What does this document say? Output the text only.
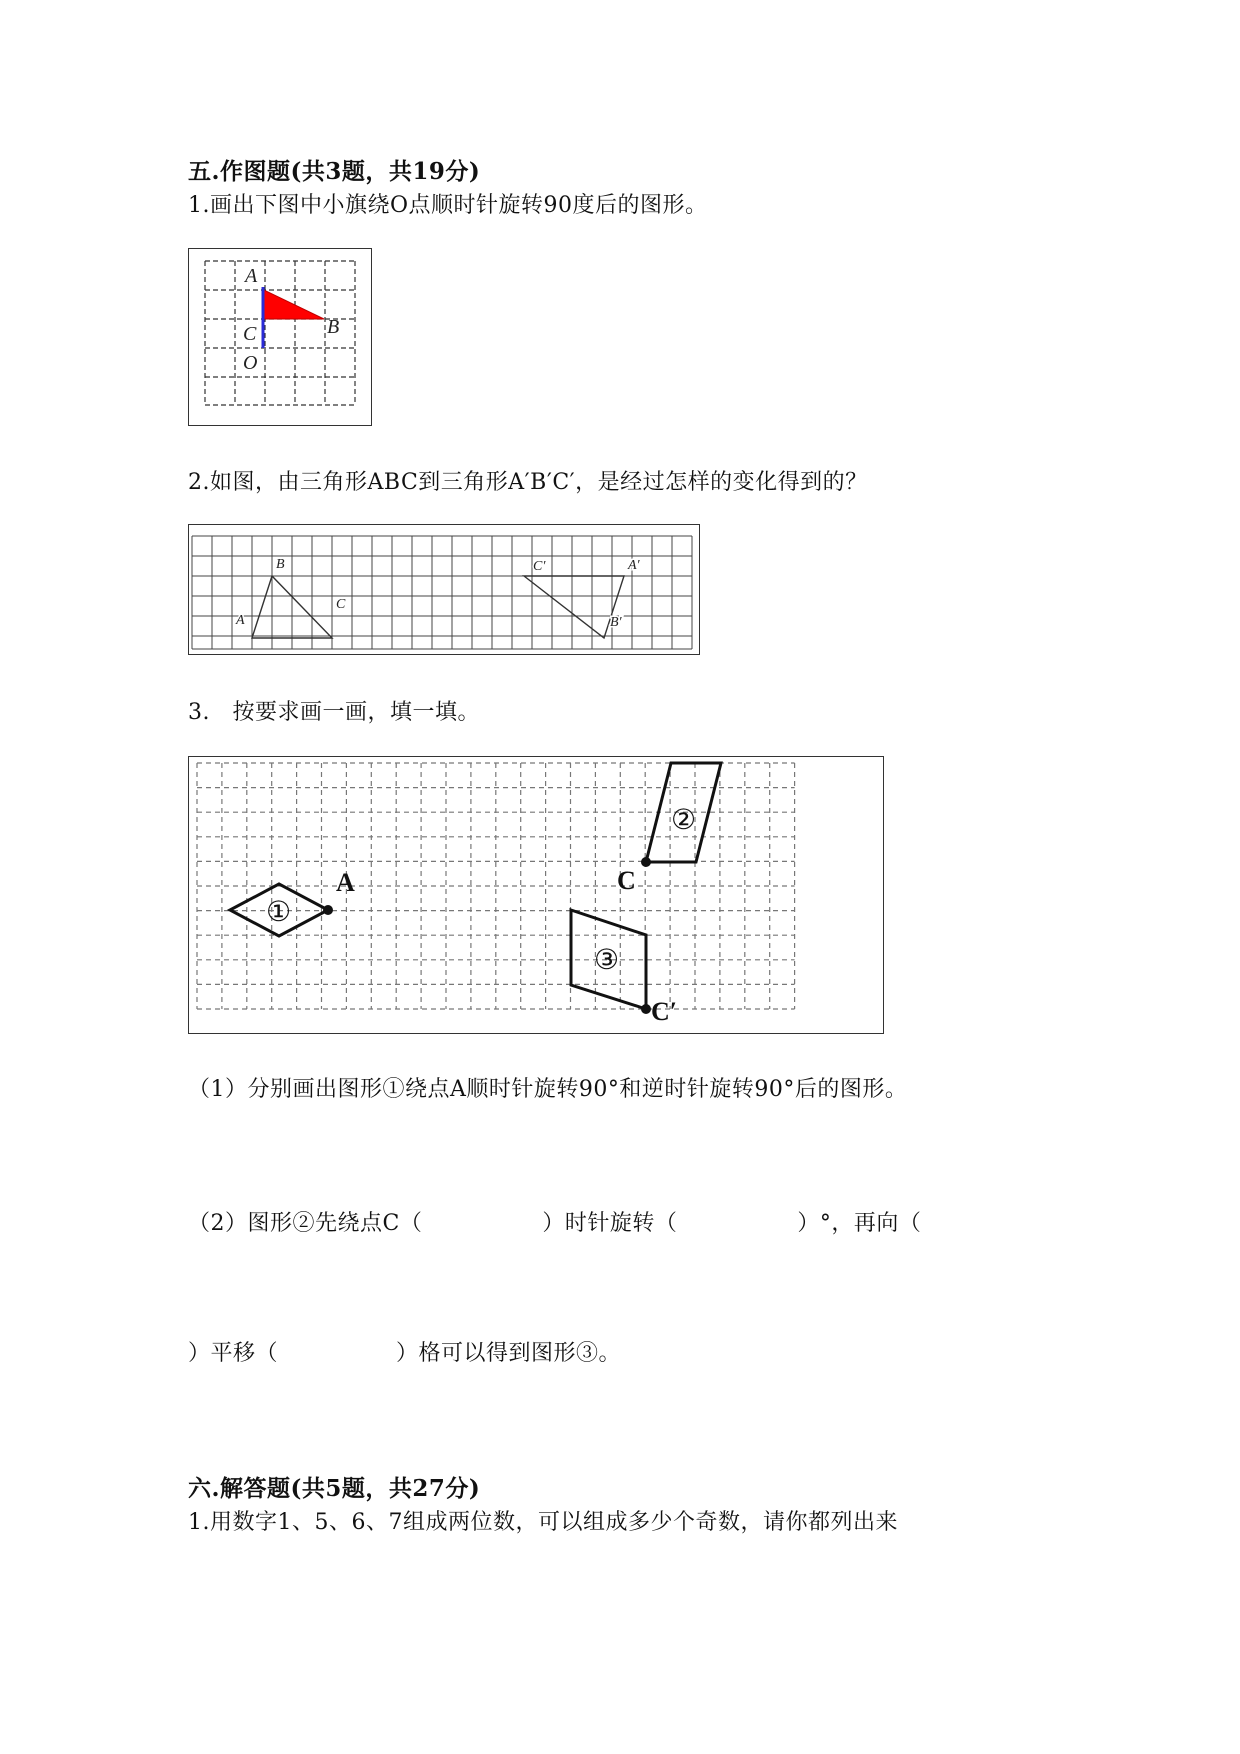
五.作图题(共3题，共19分)
1.画出下图中小旗绕O点顺时针旋转90度后的图形。
A
B
C
O
2.如图，由三角形ABC到三角形A′B′C′，是经过怎样的变化得到的？
A
B
C
A′
B′
C′
3.　按要求画一画，填一填。
A
①
②
C
③
C′
（1）分别画出图形①绕点A顺时针旋转90°和逆时针旋转90°后的图形。
（2）图形②先绕点C（	）时针旋转（	）°，再向（
）平移（	）格可以得到图形③。
六.解答题(共5题，共27分)
1.用数字1、5、6、7组成两位数，可以组成多少个奇数，请你都列出来
